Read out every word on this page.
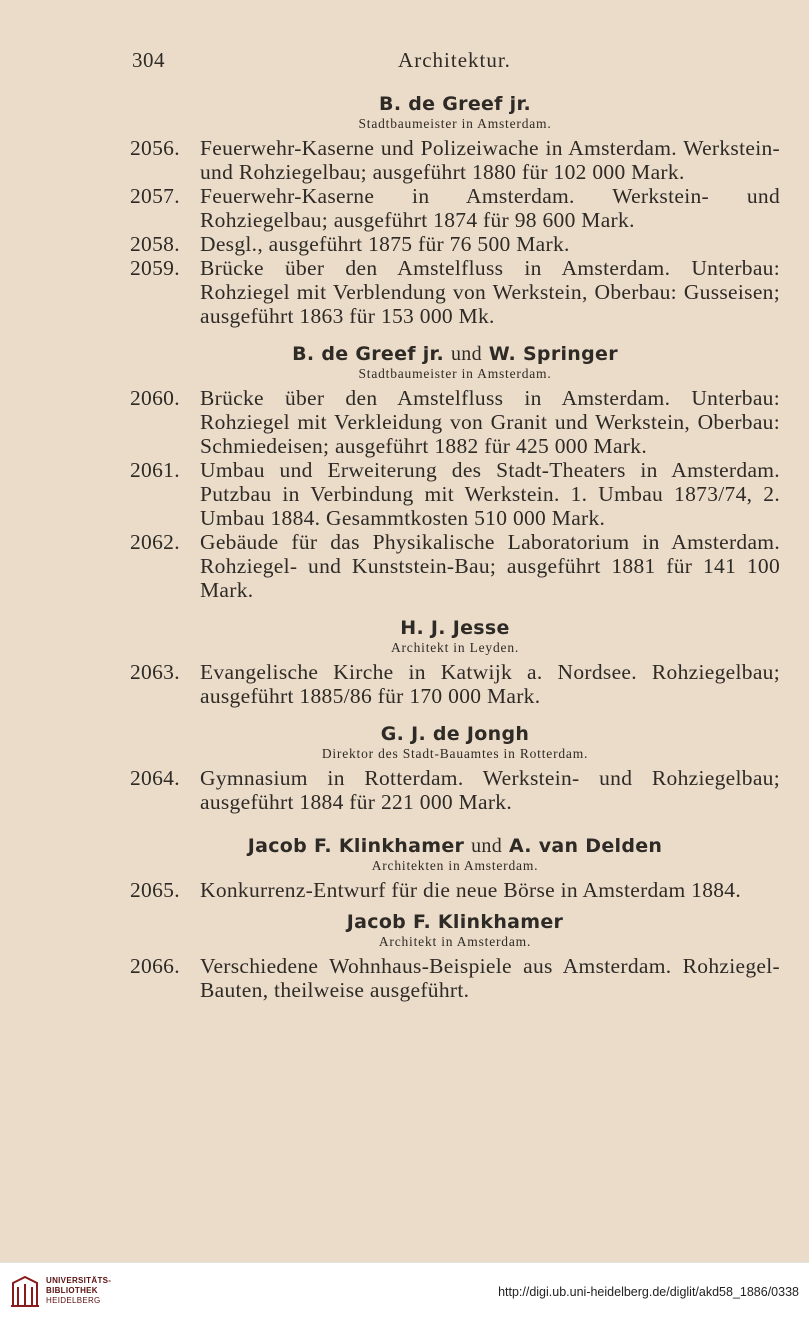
304	Architektur.
B. de Greef jr.
Stadtbaumeister in Amsterdam.
2056. Feuerwehr-Kaserne und Polizeiwache in Amsterdam. Werkstein- und Rohziegelbau; ausgeführt 1880 für 102 000 Mark.
2057. Feuerwehr-Kaserne in Amsterdam. Werkstein- und Rohziegelbau; ausgeführt 1874 für 98 600 Mark.
2058. Desgl., ausgeführt 1875 für 76 500 Mark.
2059. Brücke über den Amstelfluss in Amsterdam. Unterbau: Rohziegel mit Verblendung von Werkstein, Oberbau: Gusseisen; ausgeführt 1863 für 153 000 Mk.
B. de Greef jr. und W. Springer
Stadtbaumeister in Amsterdam.
2060. Brücke über den Amstelfluss in Amsterdam. Unterbau: Rohziegel mit Verkleidung von Granit und Werkstein, Oberbau: Schmiedeisen; ausgeführt 1882 für 425 000 Mark.
2061. Umbau und Erweiterung des Stadt-Theaters in Amsterdam. Putzbau in Verbindung mit Werkstein. 1. Umbau 1873/74, 2. Umbau 1884. Gesammtkosten 510 000 Mark.
2062. Gebäude für das Physikalische Laboratorium in Amsterdam. Rohziegel- und Kunststein-Bau; ausgeführt 1881 für 141 100 Mark.
H. J. Jesse
Architekt in Leyden.
2063. Evangelische Kirche in Katwijk a. Nordsee. Rohziegelbau; ausgeführt 1885/86 für 170 000 Mark.
G. J. de Jongh
Direktor des Stadt-Bauamtes in Rotterdam.
2064. Gymnasium in Rotterdam. Werkstein- und Rohziegelbau; ausgeführt 1884 für 221 000 Mark.
Jacob F. Klinkhamer und A. van Delden
Architekten in Amsterdam.
2065. Konkurrenz-Entwurf für die neue Börse in Amsterdam 1884.
Jacob F. Klinkhamer
Architekt in Amsterdam.
2066. Verschiedene Wohnhaus-Beispiele aus Amsterdam. Rohziegel-Bauten, theilweise ausgeführt.
UNIVERSITÄTS-
BIBLIOTHEK
HEIDELBERG
http://digi.ub.uni-heidelberg.de/diglit/akd58_1886/0338
